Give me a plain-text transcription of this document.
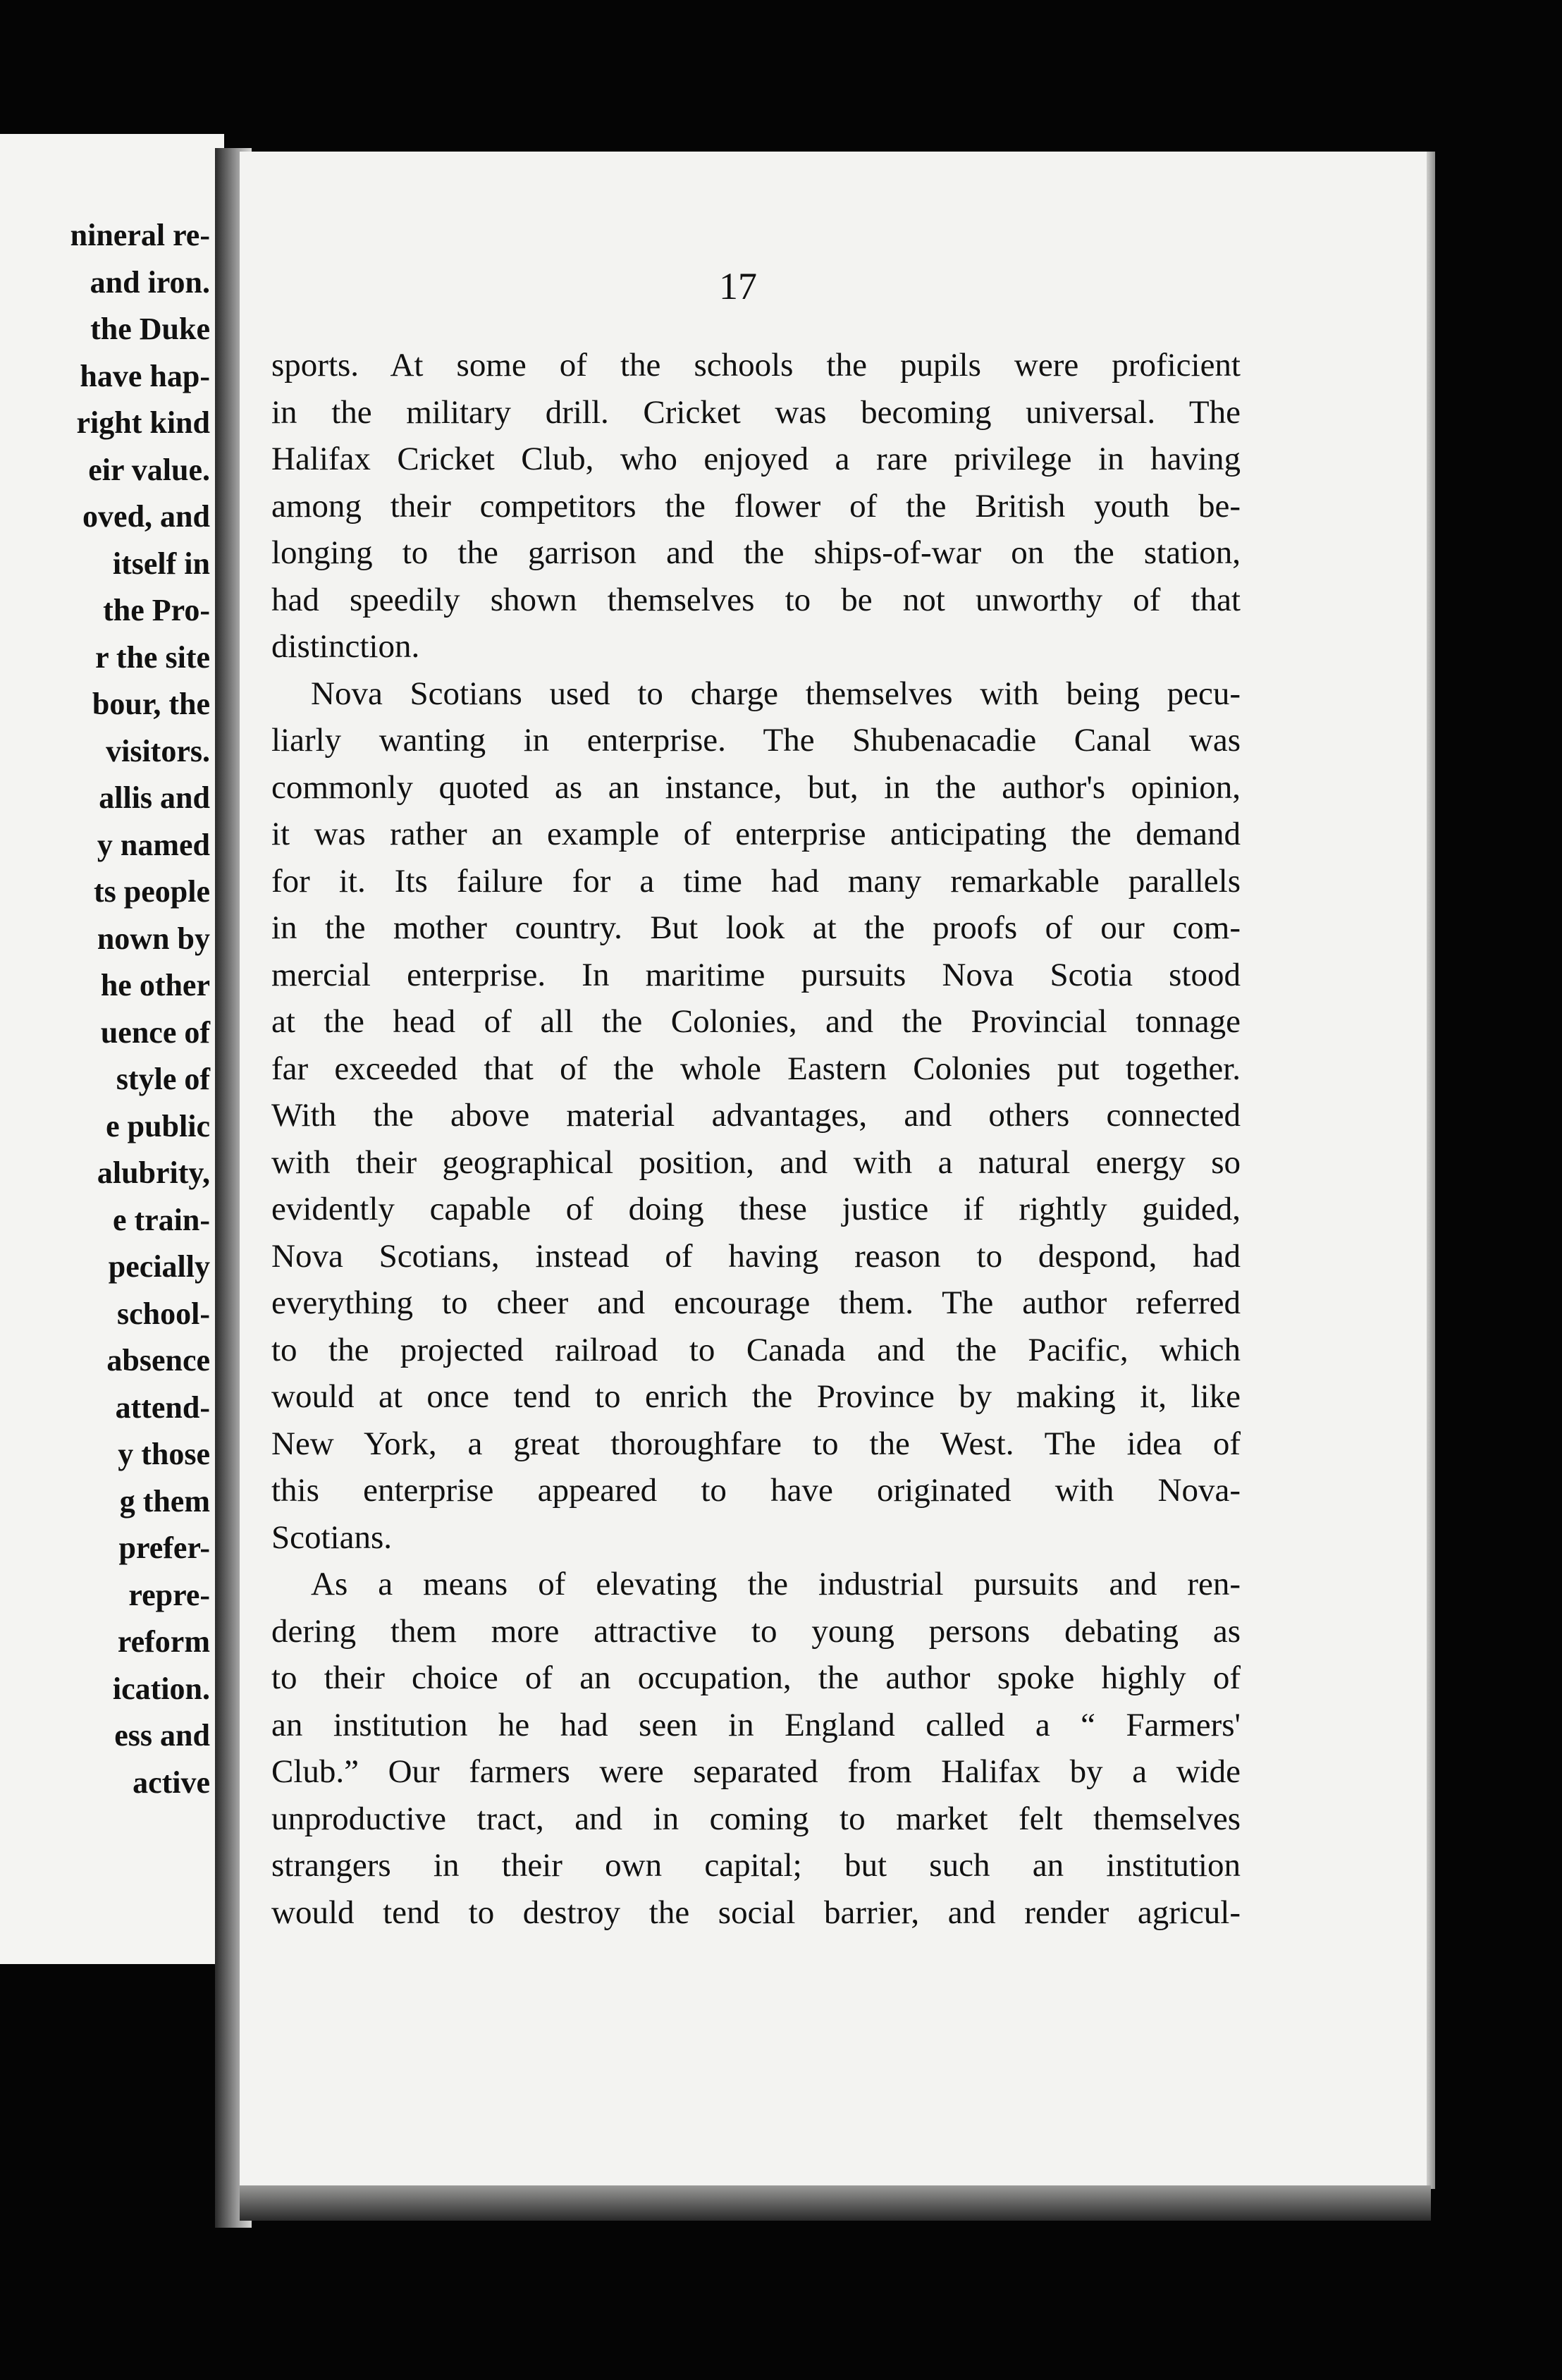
nineral re-
and iron.
the Duke
have hap-
right kind
eir value.
oved, and
itself in
the Pro-
r the site
bour, the
visitors.
allis and
y named
ts people
nown by
he other
uence of
style of
e public
alubrity,
e train-
pecially
school-
absence
attend-
y those
g them
prefer-
repre-
reform
ication.
ess and
active
17
sports. At some of the schools the pupils were proficient
in the military drill. Cricket was becoming universal. The
Halifax Cricket Club, who enjoyed a rare privilege in having
among their competitors the flower of the British youth be-
longing to the garrison and the ships-of-war on the station,
had speedily shown themselves to be not unworthy of that
distinction.
Nova Scotians used to charge themselves with being pecu-
liarly wanting in enterprise. The Shubenacadie Canal was
commonly quoted as an instance, but, in the author's opinion,
it was rather an example of enterprise anticipating the demand
for it. Its failure for a time had many remarkable parallels
in the mother country. But look at the proofs of our com-
mercial enterprise. In maritime pursuits Nova Scotia stood
at the head of all the Colonies, and the Provincial tonnage
far exceeded that of the whole Eastern Colonies put together.
With the above material advantages, and others connected
with their geographical position, and with a natural energy so
evidently capable of doing these justice if rightly guided,
Nova Scotians, instead of having reason to despond, had
everything to cheer and encourage them. The author referred
to the projected railroad to Canada and the Pacific, which
would at once tend to enrich the Province by making it, like
New York, a great thoroughfare to the West. The idea of
this enterprise appeared to have originated with Nova-
Scotians.
As a means of elevating the industrial pursuits and ren-
dering them more attractive to young persons debating as
to their choice of an occupation, the author spoke highly of
an institution he had seen in England called a “ Farmers'
Club.” Our farmers were separated from Halifax by a wide
unproductive tract, and in coming to market felt themselves
strangers in their own capital; but such an institution
would tend to destroy the social barrier, and render agricul-
